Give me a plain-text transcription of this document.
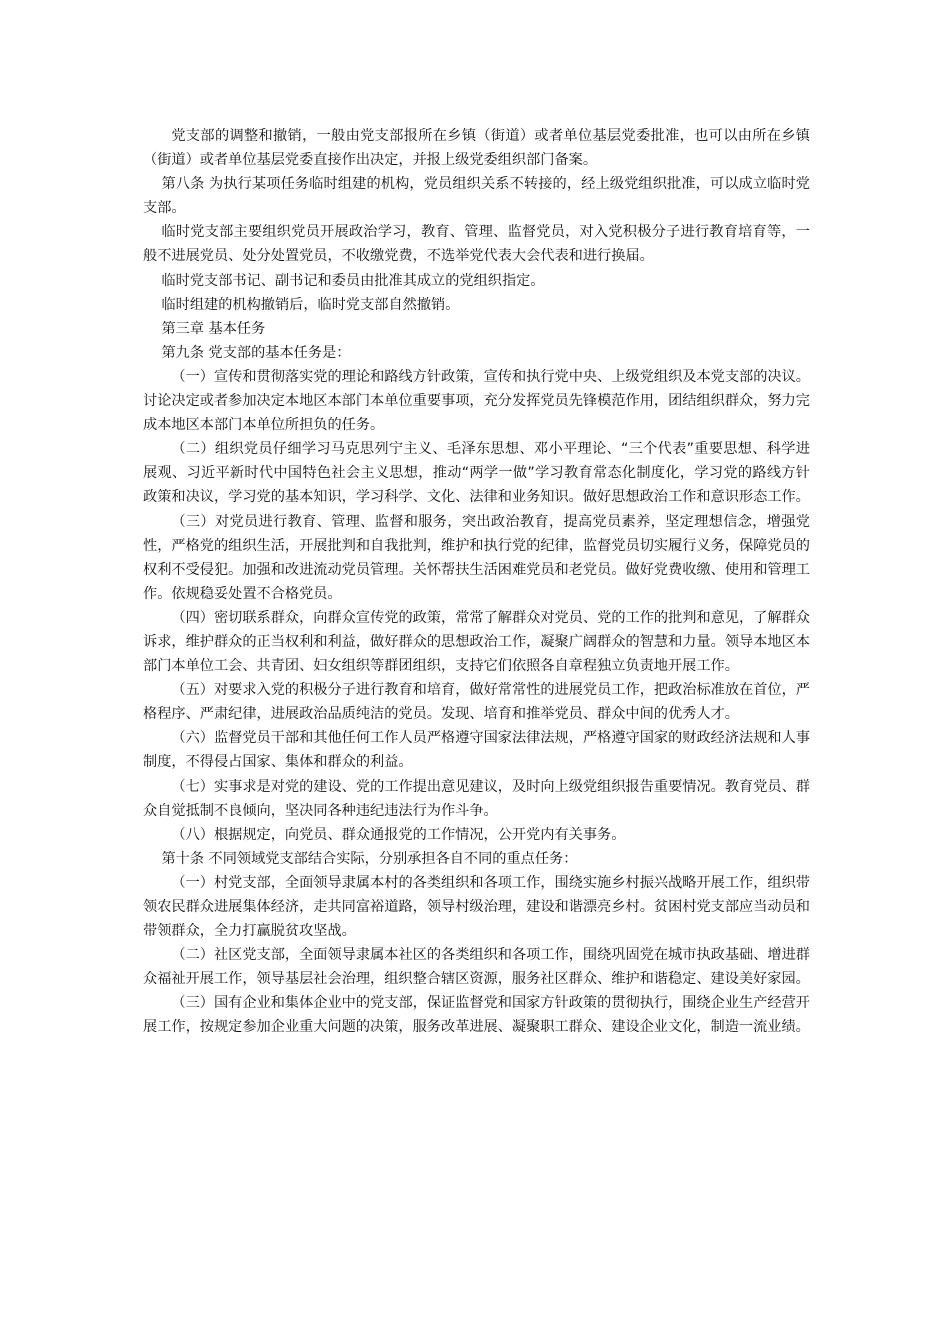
党支部的调整和撤销，一般由党支部报所在乡镇（街道）或者单位基层党委批准，也可以由所在乡镇（街道）或者单位基层党委直接作出决定，并报上级党委组织部门备案。

第八条 为执行某项任务临时组建的机构，党员组织关系不转接的，经上级党组织批准，可以成立临时党支部。

临时党支部主要组织党员开展政治学习，教育、管理、监督党员，对入党积极分子进行教育培育等，一般不进展党员、处分处置党员，不收缴党费，不选举党代表大会代表和进行换届。

临时党支部书记、副书记和委员由批准其成立的党组织指定。

临时组建的机构撤销后，临时党支部自然撤销。

第三章 基本任务

第九条 党支部的基本任务是：

（一）宣传和贯彻落实党的理论和路线方针政策，宣传和执行党中央、上级党组织及本党支部的决议。讨论决定或者参加决定本地区本部门本单位重要事项，充分发挥党员先锋模范作用，团结组织群众，努力完成本地区本部门本单位所担负的任务。

（二）组织党员仔细学习马克思列宁主义、毛泽东思想、邓小平理论、“三个代表”重要思想、科学进展观、习近平新时代中国特色社会主义思想，推动“两学一做”学习教育常态化制度化，学习党的路线方针政策和决议，学习党的基本知识，学习科学、文化、法律和业务知识。做好思想政治工作和意识形态工作。

（三）对党员进行教育、管理、监督和服务，突出政治教育，提高党员素养，坚定理想信念，增强党性，严格党的组织生活，开展批判和自我批判，维护和执行党的纪律，监督党员切实履行义务，保障党员的权利不受侵犯。加强和改进流动党员管理。关怀帮扶生活困难党员和老党员。做好党费收缴、使用和管理工作。依规稳妥处置不合格党员。

（四）密切联系群众，向群众宣传党的政策，常常了解群众对党员、党的工作的批判和意见，了解群众诉求，维护群众的正当权利和利益，做好群众的思想政治工作，凝聚广阔群众的智慧和力量。领导本地区本部门本单位工会、共青团、妇女组织等群团组织，支持它们依照各自章程独立负责地开展工作。

（五）对要求入党的积极分子进行教育和培育，做好常常性的进展党员工作，把政治标准放在首位，严格程序、严肃纪律，进展政治品质纯洁的党员。发现、培育和推举党员、群众中间的优秀人才。

（六）监督党员干部和其他任何工作人员严格遵守国家法律法规，严格遵守国家的财政经济法规和人事制度，不得侵占国家、集体和群众的利益。

（七）实事求是对党的建设、党的工作提出意见建议，及时向上级党组织报告重要情况。教育党员、群众自觉抵制不良倾向，坚决同各种违纪违法行为作斗争。

（八）根据规定，向党员、群众通报党的工作情况，公开党内有关事务。

第十条 不同领域党支部结合实际，分别承担各自不同的重点任务：

（一）村党支部，全面领导隶属本村的各类组织和各项工作，围绕实施乡村振兴战略开展工作，组织带领农民群众进展集体经济，走共同富裕道路，领导村级治理，建设和谐漂亮乡村。贫困村党支部应当动员和带领群众，全力打赢脱贫攻坚战。

（二）社区党支部，全面领导隶属本社区的各类组织和各项工作，围绕巩固党在城市执政基础、增进群众福祉开展工作，领导基层社会治理，组织整合辖区资源，服务社区群众、维护和谐稳定、建设美好家园。

（三）国有企业和集体企业中的党支部，保证监督党和国家方针政策的贯彻执行，围绕企业生产经营开展工作，按规定参加企业重大问题的决策，服务改革进展、凝聚职工群众、建设企业文化，制造一流业绩。
